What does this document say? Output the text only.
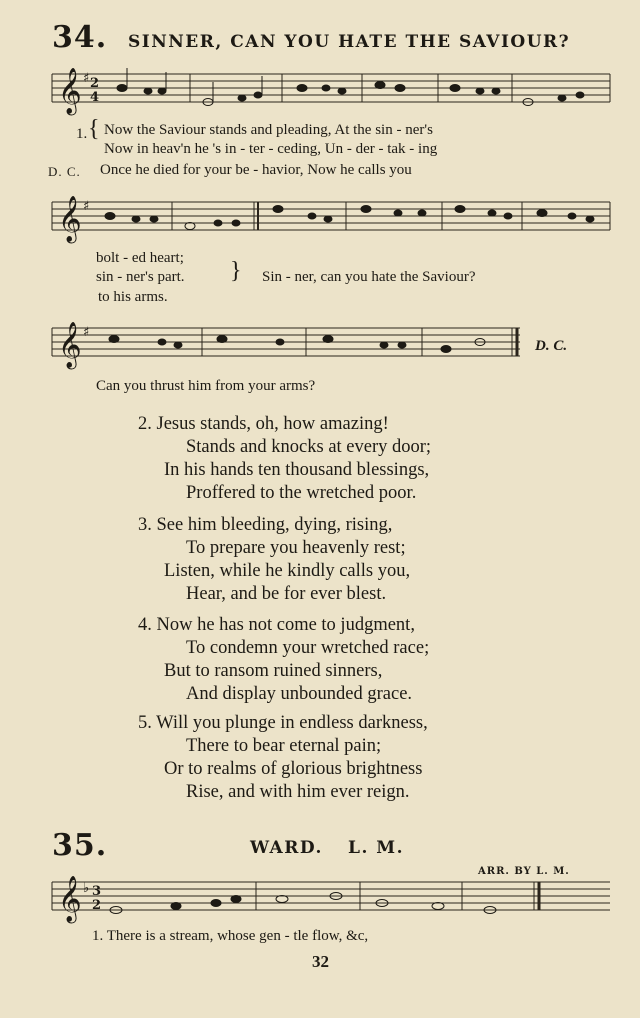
34. SINNER, CAN YOU HATE THE SAVIOUR?
𝄞 ♯ 2
4
1. { Now the Saviour stands and pleading, At the sin - ner's
Now in heav'n he 's in - ter - ceding, Un - der - tak - ing
D. C. Once he died for your be - havior, Now he calls you
𝄞 ♯
bolt - ed heart;
sin - ner's part. } Sin - ner, can you hate the Saviour?
to his arms.
𝄞 ♯
D. C.
Can you thrust him from your arms?
2. Jesus stands, oh, how amazing!
Stands and knocks at every door;
In his hands ten thousand blessings,
Proffered to the wretched poor.
3. See him bleeding, dying, rising,
To prepare you heavenly rest;
Listen, while he kindly calls you,
Hear, and be for ever blest.
4. Now he has not come to judgment,
To condemn your wretched race;
But to ransom ruined sinners,
And display unbounded grace.
5. Will you plunge in endless darkness,
There to bear eternal pain;
Or to realms of glorious brightness
Rise, and with him ever reign.
35.	WARD. L. M.
ARR. BY L. M.
𝄞 ♭ 3
2
1. There is a stream, whose gen - tle flow, &c,
32
